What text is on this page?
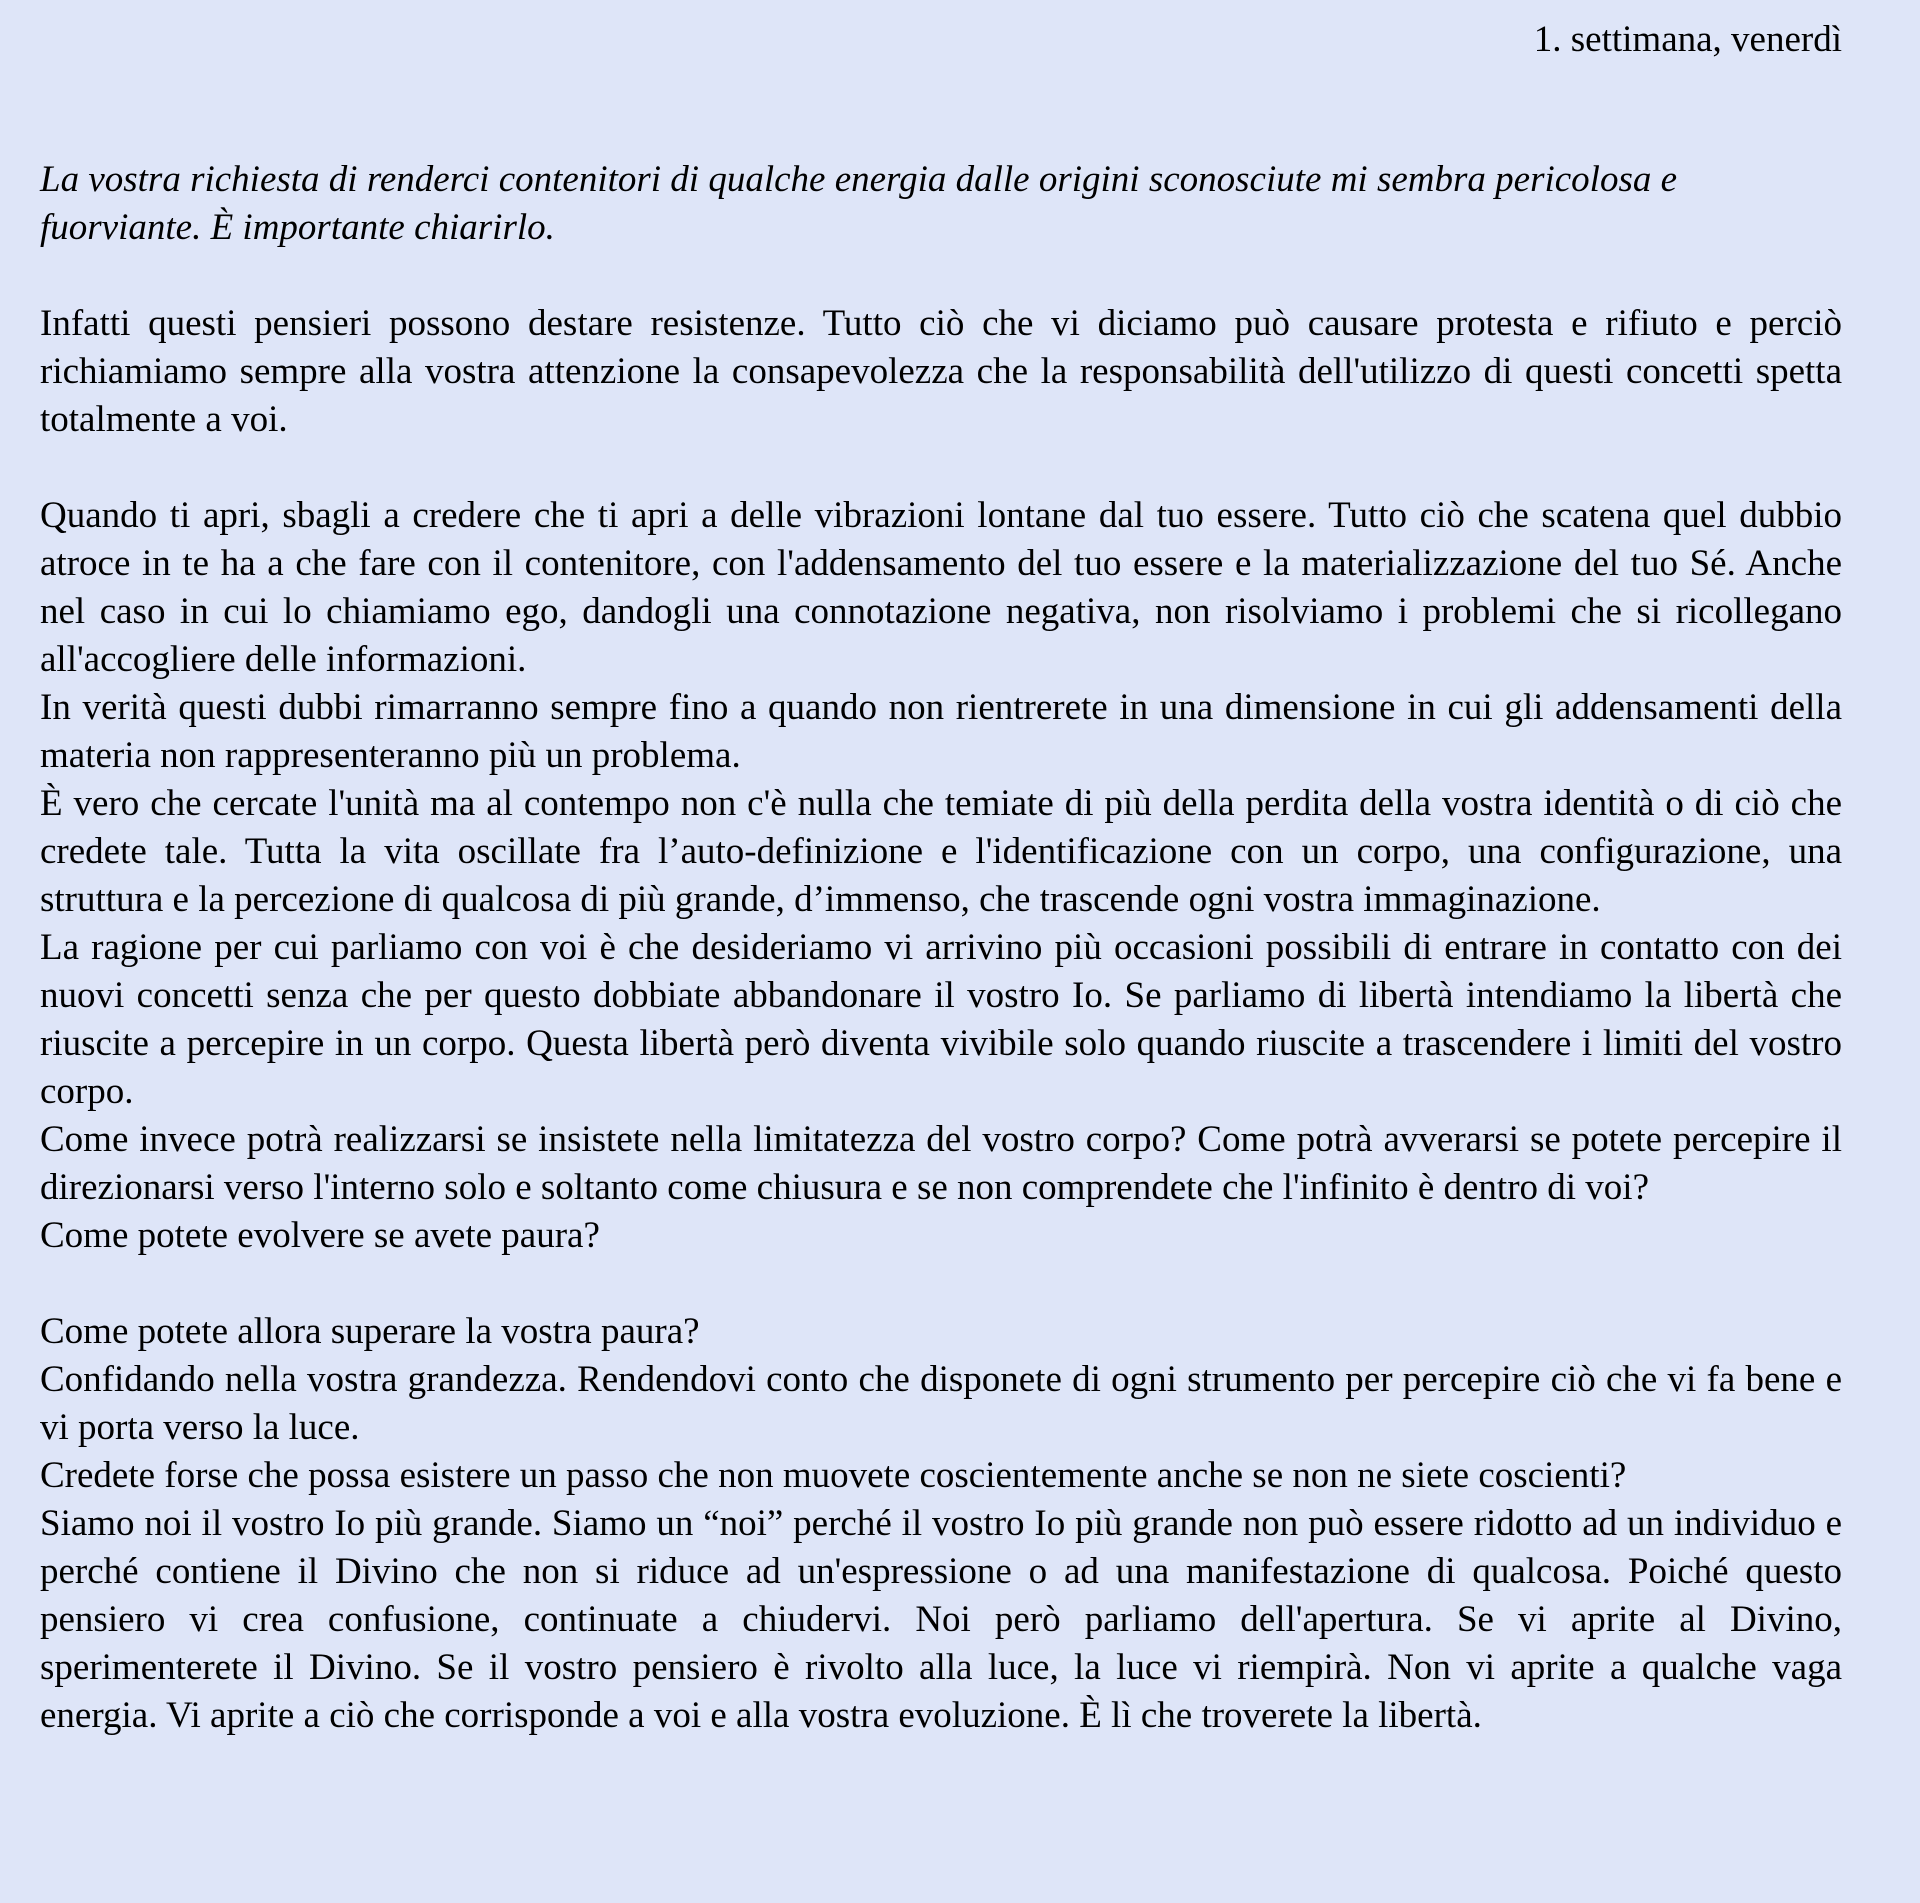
1. settimana, venerdì

La vostra richiesta di renderci contenitori di qualche energia dalle origini sconosciute mi sembra pericolosa e fuorviante. È importante chiarirlo.

Infatti questi pensieri possono destare resistenze. Tutto ciò che vi diciamo può causare protesta e rifiuto e perciò richiamiamo sempre alla vostra attenzione la consapevolezza che la responsabilità dell'utilizzo di questi concetti spetta totalmente a voi.

Quando ti apri, sbagli a credere che ti apri a delle vibrazioni lontane dal tuo essere. Tutto ciò che scatena quel dubbio atroce in te ha a che fare con il contenitore, con l'addensamento del tuo essere e la materializzazione del tuo Sé. Anche nel caso in cui lo chiamiamo ego, dandogli una connotazione negativa, non risolviamo i problemi che si ricollegano all'accogliere delle informazioni.

In verità questi dubbi rimarranno sempre fino a quando non rientrerete in una dimensione in cui gli addensamenti della materia non rappresenteranno più un problema.

È vero che cercate l'unità ma al contempo non c'è nulla che temiate di più della perdita della vostra identità o di ciò che credete tale. Tutta la vita oscillate fra l’auto-definizione e l'identificazione con un corpo, una configurazione, una struttura e la percezione di qualcosa di più grande, d’immenso, che trascende ogni vostra immaginazione.

La ragione per cui parliamo con voi è che desideriamo vi arrivino più occasioni possibili di entrare in contatto con dei nuovi concetti senza che per questo dobbiate abbandonare il vostro Io. Se parliamo di libertà intendiamo la libertà che riuscite a percepire in un corpo. Questa libertà però diventa vivibile solo quando riuscite a trascendere i limiti del vostro corpo.

Come invece potrà realizzarsi se insistete nella limitatezza del vostro corpo? Come potrà avverarsi se potete percepire il direzionarsi verso l'interno solo e soltanto come chiusura e se non comprendete che l'infinito è dentro di voi?

Come potete evolvere se avete paura?

Come potete allora superare la vostra paura?

Confidando nella vostra grandezza. Rendendovi conto che disponete di ogni strumento per percepire ciò che vi fa bene e vi porta verso la luce.

Credete forse che possa esistere un passo che non muovete coscientemente anche se non ne siete coscienti?

Siamo noi il vostro Io più grande. Siamo un “noi” perché il vostro Io più grande non può essere ridotto ad un individuo e perché contiene il Divino che non si riduce ad un'espressione o ad una manifestazione di qualcosa. Poiché questo pensiero vi crea confusione, continuate a chiudervi. Noi però parliamo dell'apertura. Se vi aprite al Divino, sperimenterete il Divino. Se il vostro pensiero è rivolto alla luce, la luce vi riempirà. Non vi aprite a qualche vaga energia. Vi aprite a ciò che corrisponde a voi e alla vostra evoluzione. È lì che troverete la libertà.
